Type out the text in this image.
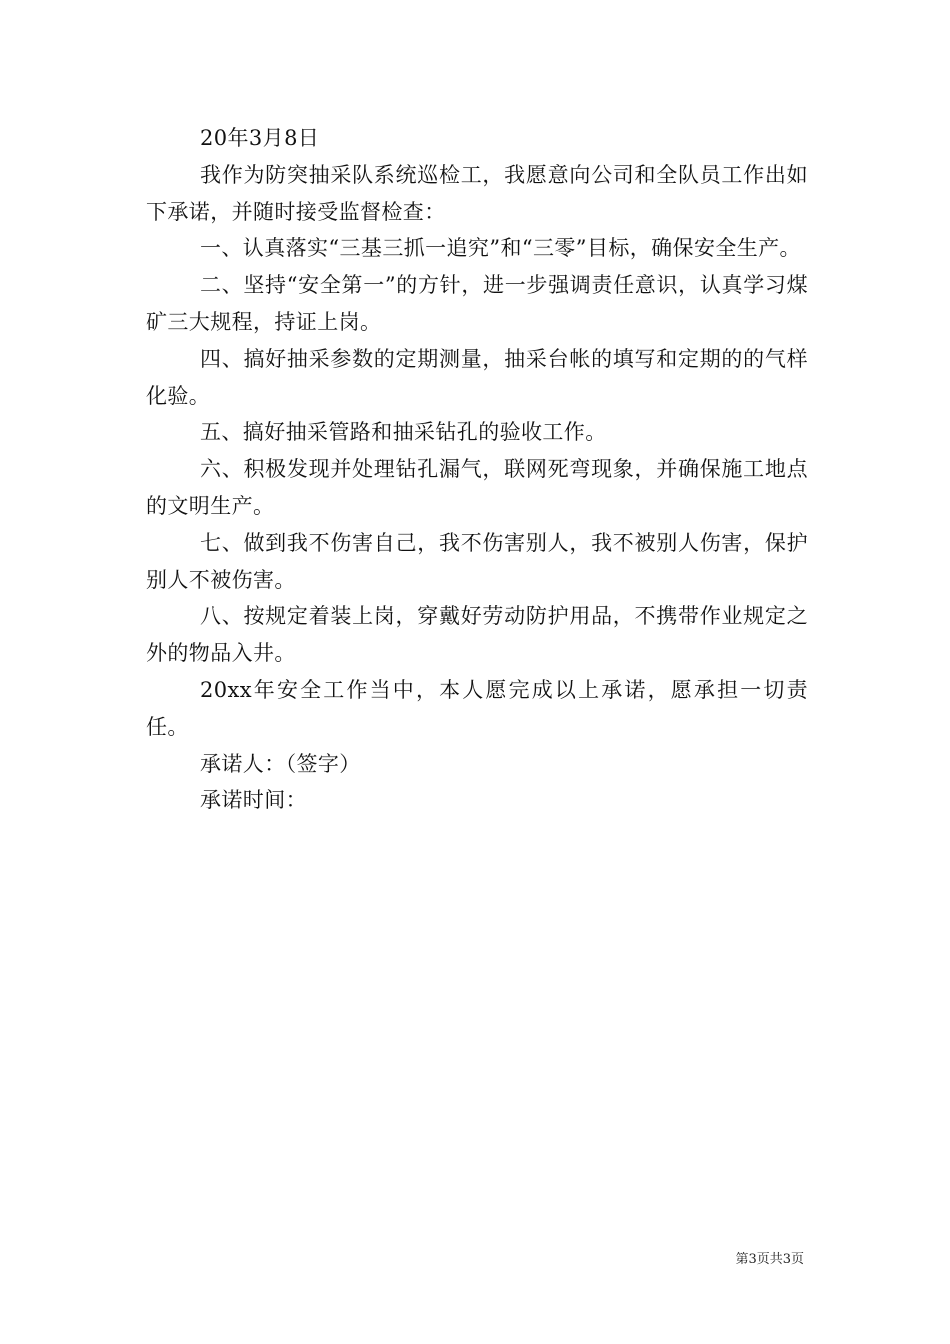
20年3月8日

我作为防突抽采队系统巡检工，我愿意向公司和全队员工作出如下承诺，并随时接受监督检查：

一、认真落实“三基三抓一追究”和“三零”目标，确保安全生产。

二、坚持“安全第一”的方针，进一步强调责任意识，认真学习煤矿三大规程，持证上岗。

四、搞好抽采参数的定期测量，抽采台帐的填写和定期的的气样化验。

五、搞好抽采管路和抽采钻孔的验收工作。

六、积极发现并处理钻孔漏气，联网死弯现象，并确保施工地点的文明生产。

七、做到我不伤害自己，我不伤害别人，我不被别人伤害，保护别人不被伤害。

八、按规定着装上岗，穿戴好劳动防护用品，不携带作业规定之外的物品入井。

20xx年安全工作当中，本人愿完成以上承诺，愿承担一切责任。

承诺人：（签字）

承诺时间：

第3页共3页
